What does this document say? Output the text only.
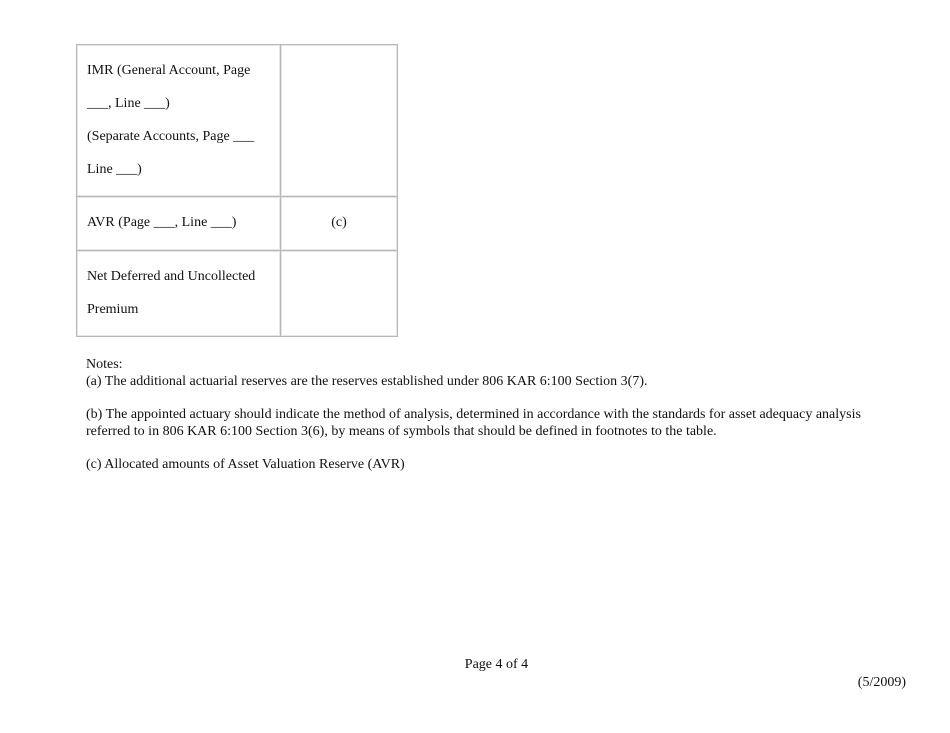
IMR (General Account, Page
___, Line ___)
(Separate Accounts, Page ___
Line ___)	

AVR (Page ___, Line ___)	(c)

Net Deferred and Uncollected
Premium	

Notes:

(a) The additional actuarial reserves are the reserves established under 806 KAR 6:100 Section 3(7).

(b) The appointed actuary should indicate the method of analysis, determined in accordance with the standards for asset adequacy analysis referred to in 806 KAR 6:100 Section 3(6), by means of symbols that should be defined in footnotes to the table.

(c) Allocated amounts of Asset Valuation Reserve (AVR)

Page 4 of 4
(5/2009)
